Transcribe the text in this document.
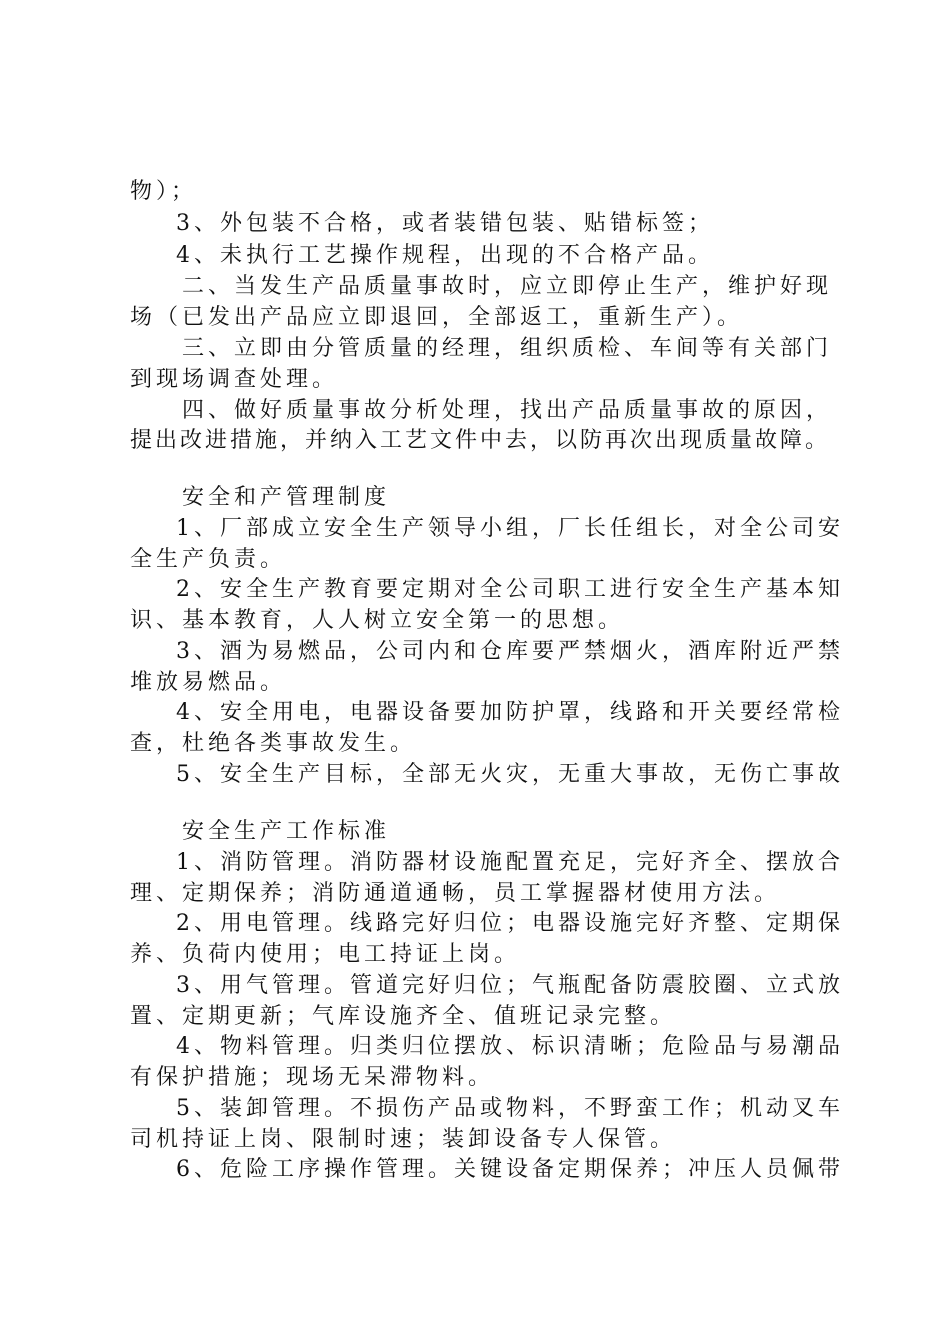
物）；
3、外包装不合格，或者装错包装、贴错标签；
4、未执行工艺操作规程，出现的不合格产品。
二、当发生产品质量事故时，应立即停止生产，维护好现
场（已发出产品应立即退回，全部返工，重新生产）。
三、立即由分管质量的经理，组织质检、车间等有关部门
到现场调查处理。
四、做好质量事故分析处理，找出产品质量事故的原因，
提出改进措施，并纳入工艺文件中去，以防再次出现质量故障。
安全和产管理制度
1、厂部成立安全生产领导小组，厂长任组长，对全公司安
全生产负责。
2、安全生产教育要定期对全公司职工进行安全生产基本知
识、基本教育，人人树立安全第一的思想。
3、酒为易燃品，公司内和仓库要严禁烟火，酒库附近严禁
堆放易燃品。
4、安全用电，电器设备要加防护罩，线路和开关要经常检
查，杜绝各类事故发生。
5、安全生产目标，全部无火灾，无重大事故，无伤亡事故
安全生产工作标准
1、消防管理。消防器材设施配置充足，完好齐全、摆放合
理、定期保养；消防通道通畅，员工掌握器材使用方法。
2、用电管理。线路完好归位；电器设施完好齐整、定期保
养、负荷内使用；电工持证上岗。
3、用气管理。管道完好归位；气瓶配备防震胶圈、立式放
置、定期更新；气库设施齐全、值班记录完整。
4、物料管理。归类归位摆放、标识清晰；危险品与易潮品
有保护措施；现场无呆滞物料。
5、装卸管理。不损伤产品或物料，不野蛮工作；机动叉车
司机持证上岗、限制时速；装卸设备专人保管。
6、危险工序操作管理。关键设备定期保养；冲压人员佩带
